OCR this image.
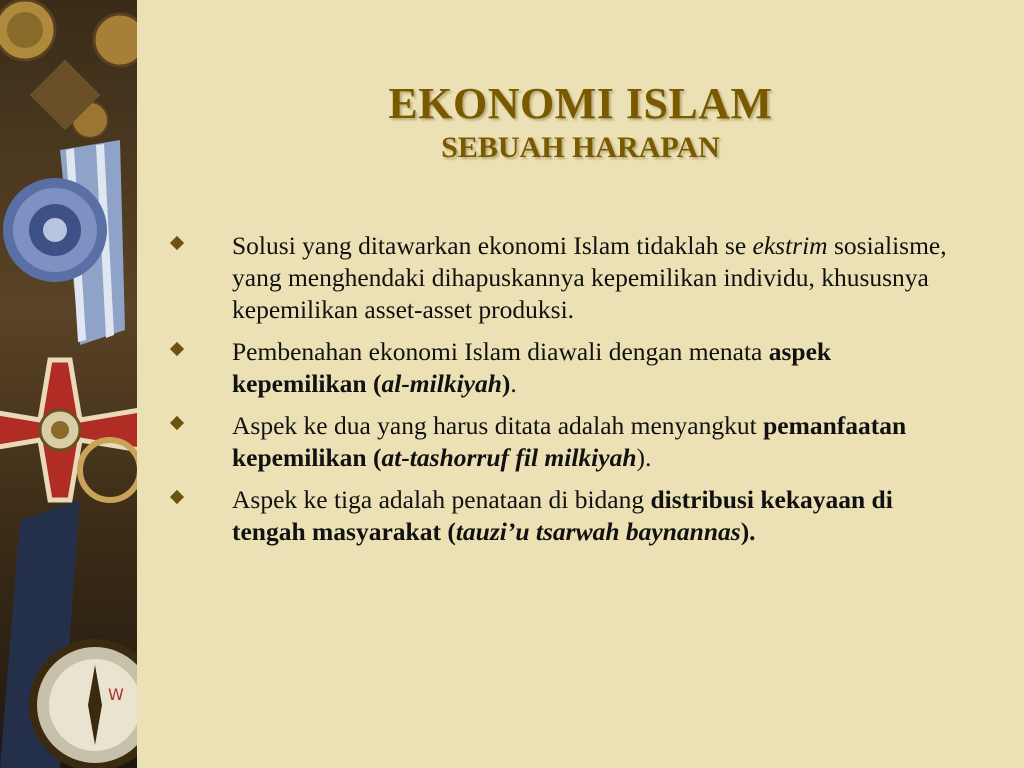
W
EKONOMI ISLAM
SEBUAH HARAPAN
Solusi yang ditawarkan ekonomi Islam tidaklah se ekstrim sosialisme, yang menghendaki dihapuskannya kepemilikan individu, khususnya kepemilikan asset-asset produksi.
Pembenahan ekonomi Islam diawali dengan menata aspek kepemilikan (al-milkiyah).
Aspek ke dua yang harus ditata adalah menyangkut pemanfaatan kepemilikan (at-tashorruf fil milkiyah).
Aspek ke tiga adalah penataan di bidang distribusi kekayaan di tengah masyarakat (tauzi’u tsarwah baynannas).
